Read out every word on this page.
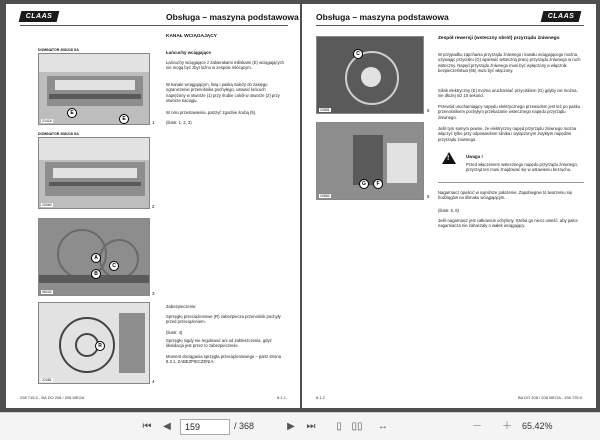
CLAAS	Obsługa – maszyna podstawowa
DOMINATOR 208/218 SA
E
E
21416	1
DOMINATOR 208/218 SA
20060	2
A
B
C
95202	3
R
21081	4
KANAŁ WCIĄGAJĄCY
Łańcuchy wciągające
Łańcuchy wciągające z zabierakami miliskami (E) wciągających nie mogą być zbyt luźno w zespole młócącym.
W kanale wciągającym, linią i paską należy do zasięgu ograniczenie przenośnika pochyłego, ustawić łańcuch naprężony w otworze (1) przy śrubie cokół w otworze (2) przy otworze naciągu.
W celu przestawienia, patrzyć zgodnie śrubą (5).
(Ilustr. 1, 2, 3)
Zabezpieczenie:
Sprzęgło przeciążeniowe (R) zabezpiecza przenośnik pochyły przed przeciążeniem.
(Ilustr. 4)
Sprzęgło nigdy nie regulować ani od zakleszczenia, gdyż likwidacja jest przez to zabezpieczenie.
Moment dociągania sprzęgła przeciążeniowego – patrz strona 8.3.1, ZABEZPIECZENIA.
298 715.0 - BA DO 208 / 208 MEGA	8.1.1
Obsługa – maszyna podstawowa	CLAAS
C
20881	5
G	F
20882	6
Zespół rewersji (wsteczny obrót) przyrządu żniwnego
W przypadku zapchania przyrządu żniwnego i kanału wciągającego można, używając przycisku (G) wpierwić wsteczną pracę przyrządu żniwnego w ruch wsteczny. Napęd przyrządu żniwnego musi być wyłączony a włącznik bezpieczeństwa (65) musi być włączony.
Silnik elektryczny (E) można uruchamiać przyciskiem (G) gdyby nie można, nie dłużej niż 10 sekund.
Przewód uruchamiający napędu elektrycznego przewodem jest też po pasku przenośnikiem pochyłym przekazanie wstecznego napędu przyrządu żniwnego.
Jeśli tym samym pewne, że elektryczny napęd przyrządu żniwnego można włączyć tylko przy odpowiednim silnika i wyłączonym zwykłym napędzie przyrządu żniwnego.
!	Uwaga !
Przed włączeniem wstecznego napędu przyrządu żniwnego, przyrząd ten musi znajdować się w ustawieniu bezruchu.
Nagarniacz opuścić w najniższe położenie. Zapobiegnie to tworzeniu się hodziągów na ślimaku wciągającym.
(Ilustr. 5, 6)
Jeśli nagarniacz jest całkowicie uchylony, trzeba go nieco unieść, aby palce nagarniacza nie zahaczały o wałek wciągający.
8.1.2	BA DO 208 / 208 MEGA - 298 725.0
⏮	◀	159	/ 368	▶	⏭	▯ ▯▯ ↔	－ ＋ 65.42%
